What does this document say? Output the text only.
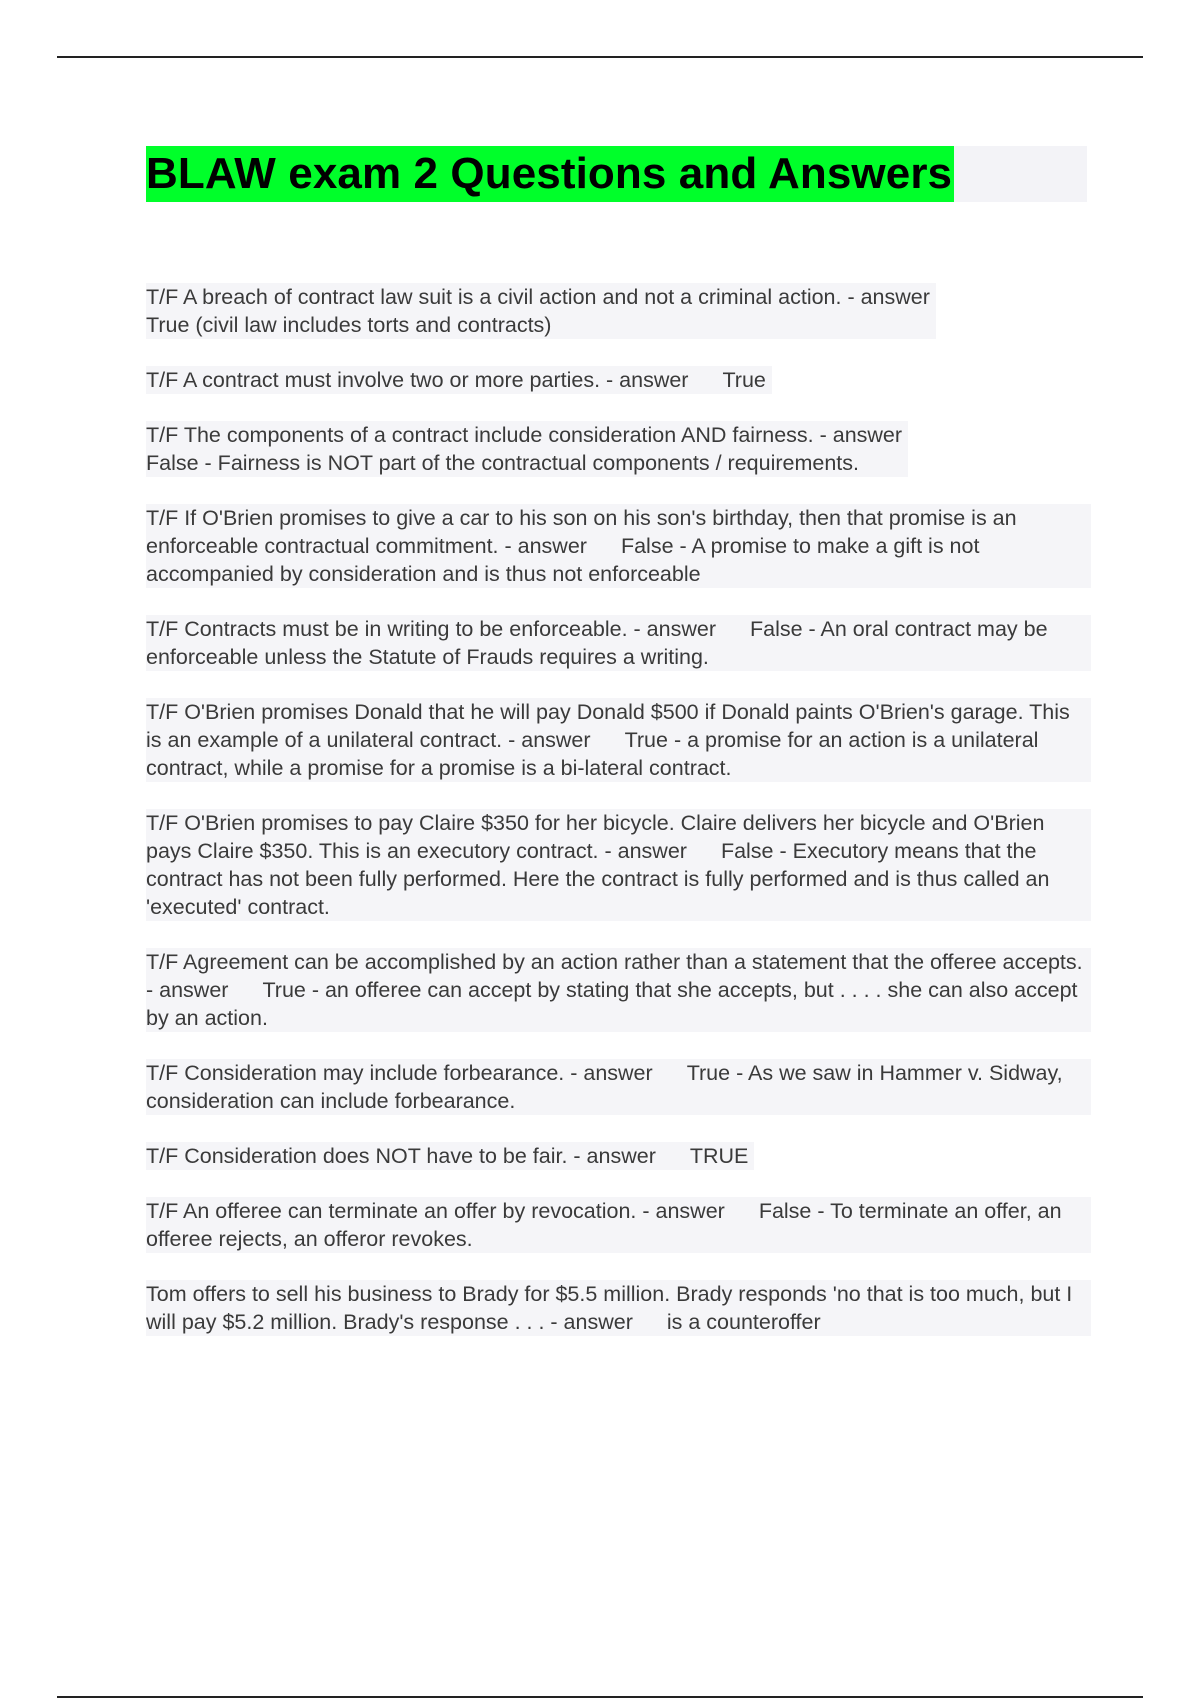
BLAW exam 2 Questions and Answers
T/F A breach of contract law suit is a civil action and not a criminal action. - answer
True (civil law includes torts and contracts)
T/F A contract must involve two or more parties. - answer True
T/F The components of a contract include consideration AND fairness. - answer
False - Fairness is NOT part of the contractual components / requirements.
T/F If O'Brien promises to give a car to his son on his son's birthday, then that promise is an enforceable contractual commitment. - answer False - A promise to make a gift is not accompanied by consideration and is thus not enforceable
T/F Contracts must be in writing to be enforceable. - answer False - An oral contract may be enforceable unless the Statute of Frauds requires a writing.
T/F O'Brien promises Donald that he will pay Donald $500 if Donald paints O'Brien's garage. This is an example of a unilateral contract. - answer True - a promise for an action is a unilateral contract, while a promise for a promise is a bi-lateral contract.
T/F O'Brien promises to pay Claire $350 for her bicycle. Claire delivers her bicycle and O'Brien pays Claire $350. This is an executory contract. - answer False - Executory means that the contract has not been fully performed. Here the contract is fully performed and is thus called an 'executed' contract.
T/F Agreement can be accomplished by an action rather than a statement that the offeree accepts. - answer True - an offeree can accept by stating that she accepts, but . . . . she can also accept by an action.
T/F Consideration may include forbearance. - answer True - As we saw in Hammer v. Sidway, consideration can include forbearance.
T/F Consideration does NOT have to be fair. - answer TRUE
T/F An offeree can terminate an offer by revocation. - answer False - To terminate an offer, an offeree rejects, an offeror revokes.
Tom offers to sell his business to Brady for $5.5 million. Brady responds 'no that is too much, but I will pay $5.2 million. Brady's response . . . - answer is a counteroffer
